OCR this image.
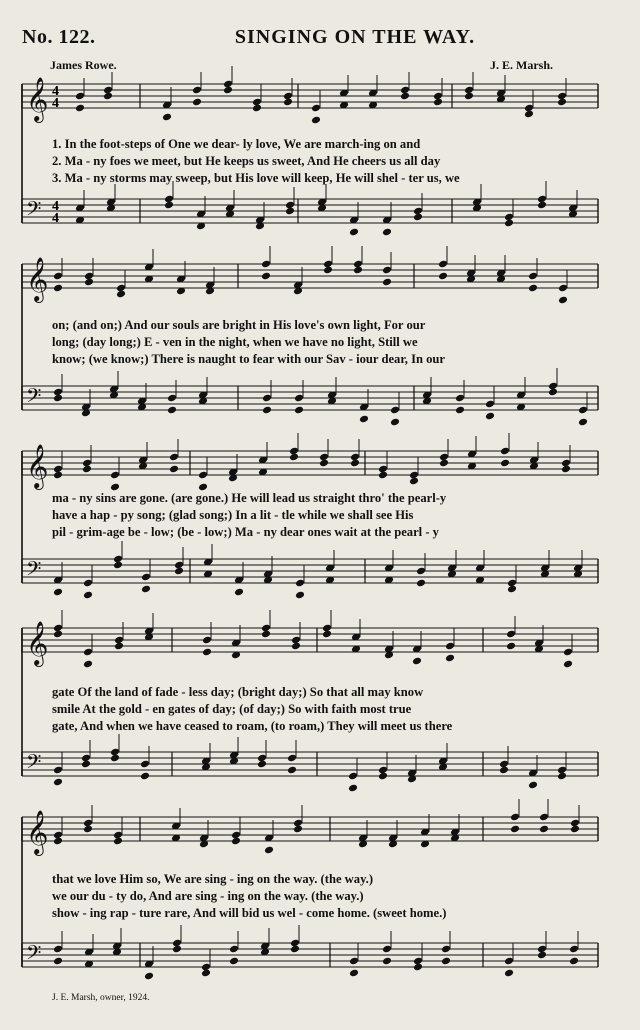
No. 122.	SINGING ON THE WAY.
James Rowe.	J. E. Marsh.
𝄞
𝄢
𝄞
𝄢
𝄞
𝄢
𝄞
𝄢
𝄞
𝄢
4
4
4
4
1. In the foot-steps of One we dear- ly love, We are march-ing on and
2. Ma - ny foes we meet, but He keeps us sweet, And He cheers us all day
3. Ma - ny storms may sweep, but His love will keep, He will shel - ter us, we
on; (and on;) And our souls are bright in His love's own light, For our
long; (day long;) E - ven in the night, when we have no light, Still we
know; (we know;) There is naught to fear with our Sav - iour dear, In our
ma - ny sins are gone. (are gone.) He will lead us straight thro' the pearl-y
have a hap - py song; (glad song;) In a lit - tle while we shall see His
pil - grim-age be - low; (be - low;) Ma - ny dear ones wait at the pearl - y
gate Of the land of fade - less day; (bright day;) So that all may know
smile At the gold - en gates of day; (of day;) So with faith most true
gate, And when we have ceased to roam, (to roam,) They will meet us there
that we love Him so, We are sing - ing on the way. (the way.)
we our du - ty do, And are sing - ing on the way. (the way.)
show - ing rap - ture rare, And will bid us wel - come home. (sweet home.)
J. E. Marsh, owner, 1924.
